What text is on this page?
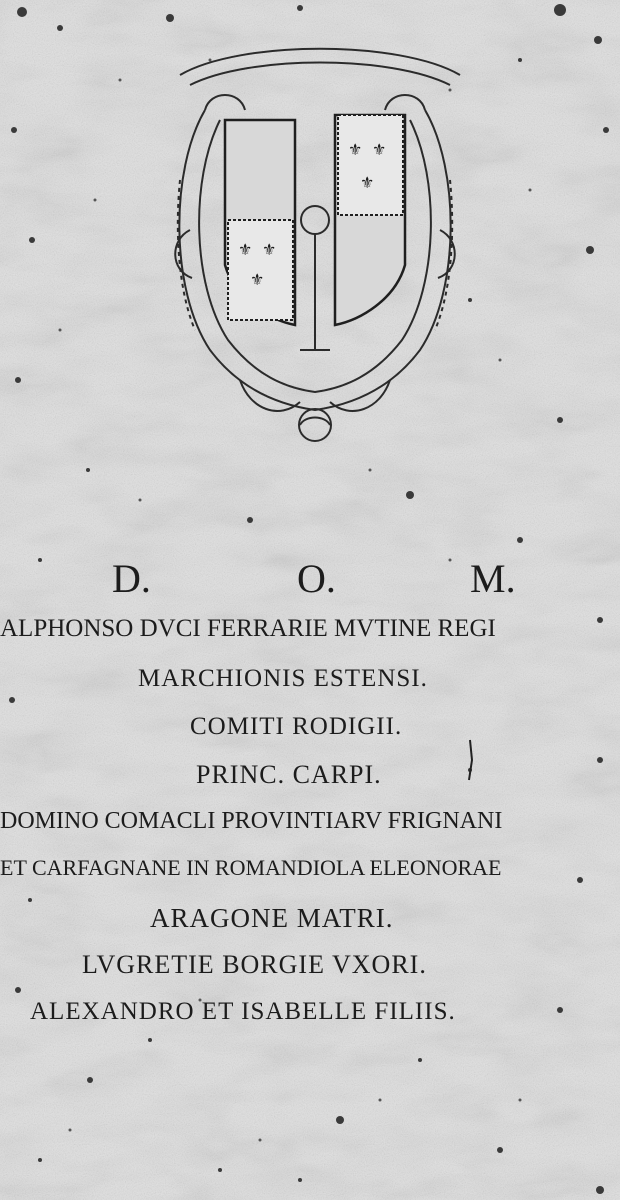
⚜ ⚜
⚜
⚜ ⚜
⚜
D.	O.	M.
ALPHONSO DVCI FERRARIE MVTINE REGI
MARCHIONIS ESTENSI.
COMITI RODIGII.
PRINC. CARPI.
DOMINO COMACLI PROVINTIARV FRIGNANI
ET CARFAGNANE IN ROMANDIOLA ELEONORAE
ARAGONE MATRI.
LVGRETIE BORGIE VXORI.
ALEXANDRO ET ISABELLE FILIIS.
